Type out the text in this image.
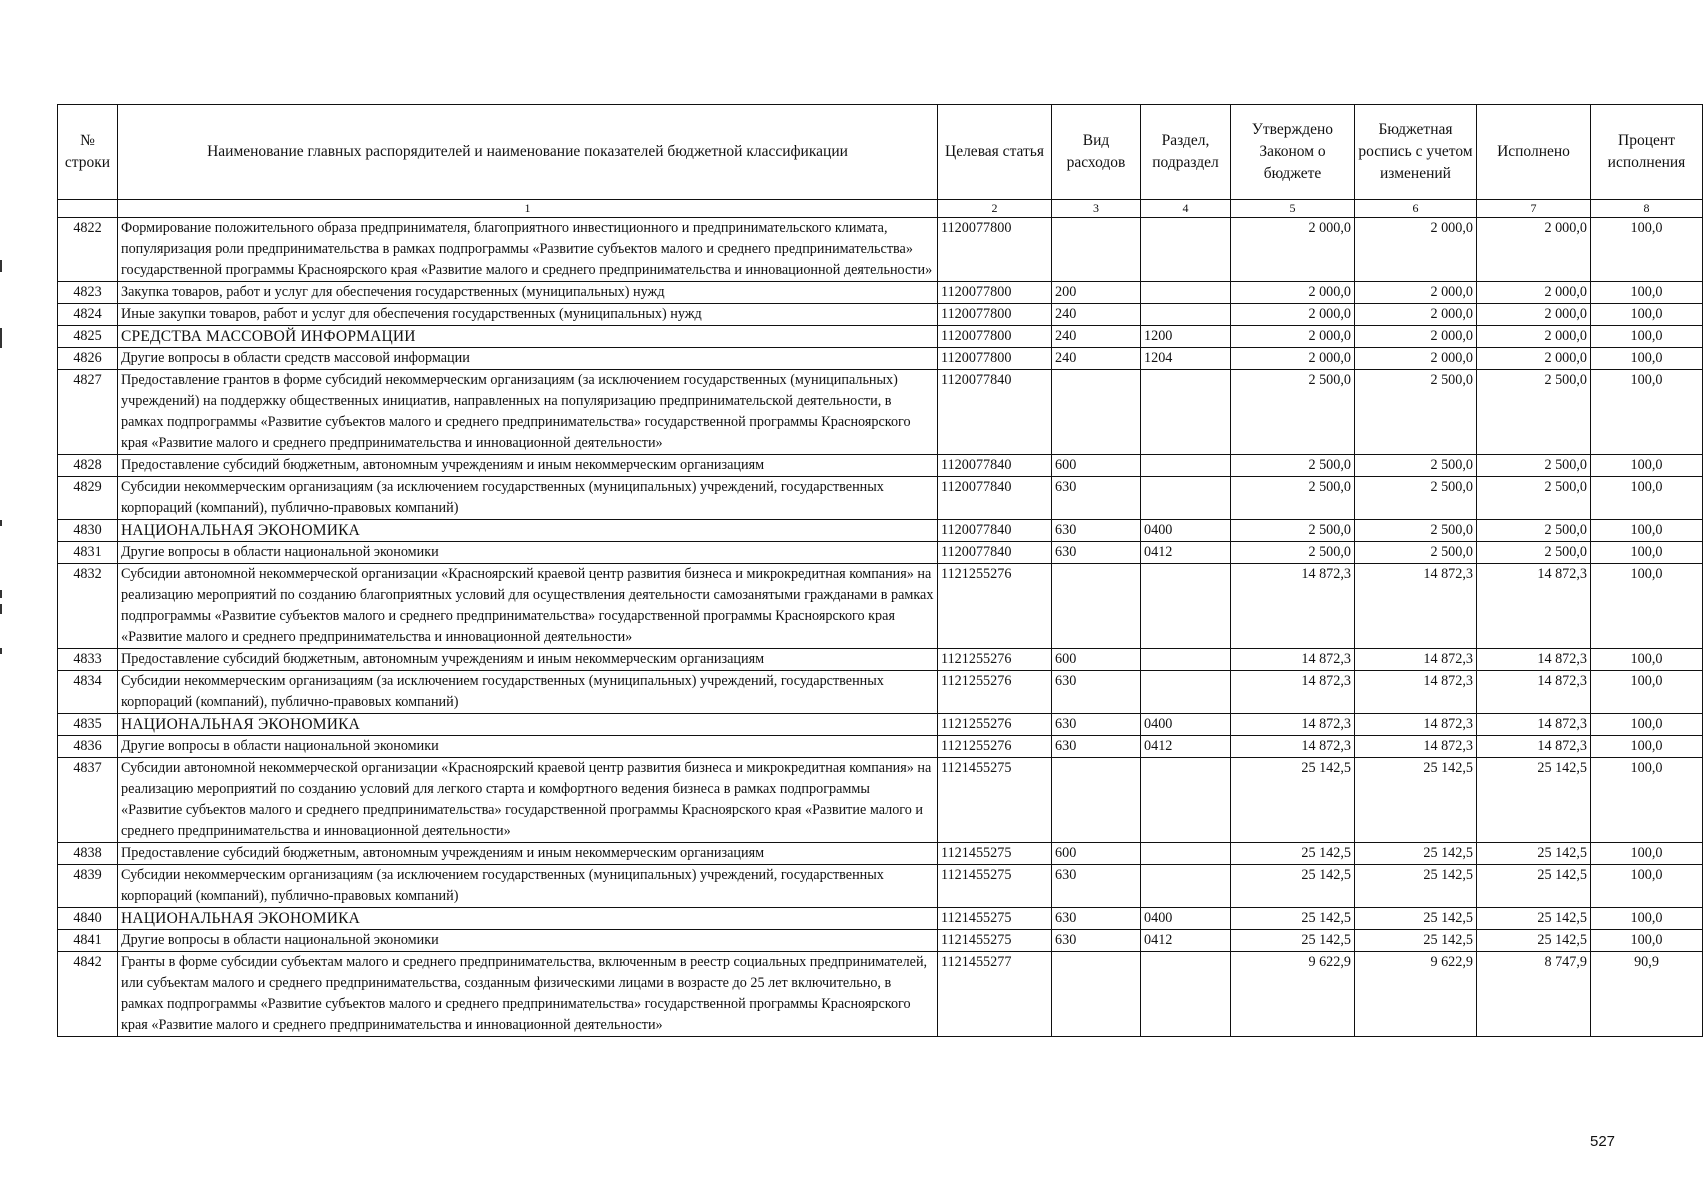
№ строки	Наименование главных распорядителей и наименование показателей бюджетной классификации	Целевая статья	Вид расходов	Раздел, подраздел	Утверждено Законом о бюджете	Бюджетная роспись с учетом изменений	Исполнено	Процент исполнения
	1	2	3	4	5	6	7	8
4822	Формирование положительного образа предпринимателя, благоприятного инвестиционного и предпринимательского климата, популяризация роли предпринимательства в рамках подпрограммы «Развитие субъектов малого и среднего предпринимательства» государственной программы Красноярского края «Развитие малого и среднего предпринимательства и инновационной деятельности»	1120077800			2 000,0	2 000,0	2 000,0	100,0
4823	Закупка товаров, работ и услуг для обеспечения государственных (муниципальных) нужд	1120077800	200		2 000,0	2 000,0	2 000,0	100,0
4824	Иные закупки товаров, работ и услуг для обеспечения государственных (муниципальных) нужд	1120077800	240		2 000,0	2 000,0	2 000,0	100,0
4825	СРЕДСТВА МАССОВОЙ ИНФОРМАЦИИ	1120077800	240	1200	2 000,0	2 000,0	2 000,0	100,0
4826	Другие вопросы в области средств массовой информации	1120077800	240	1204	2 000,0	2 000,0	2 000,0	100,0
4827	Предоставление грантов в форме субсидий некоммерческим организациям (за исключением государственных (муниципальных) учреждений) на поддержку общественных инициатив, направленных на популяризацию предпринимательской деятельности, в рамках подпрограммы «Развитие субъектов малого и среднего предпринимательства» государственной программы Красноярского края «Развитие малого и среднего предпринимательства и инновационной деятельности»	1120077840			2 500,0	2 500,0	2 500,0	100,0
4828	Предоставление субсидий бюджетным, автономным учреждениям и иным некоммерческим организациям	1120077840	600		2 500,0	2 500,0	2 500,0	100,0
4829	Субсидии некоммерческим организациям (за исключением государственных (муниципальных) учреждений, государственных корпораций (компаний), публично-правовых компаний)	1120077840	630		2 500,0	2 500,0	2 500,0	100,0
4830	НАЦИОНАЛЬНАЯ ЭКОНОМИКА	1120077840	630	0400	2 500,0	2 500,0	2 500,0	100,0
4831	Другие вопросы в области национальной экономики	1120077840	630	0412	2 500,0	2 500,0	2 500,0	100,0
4832	Субсидии автономной некоммерческой организации «Красноярский краевой центр развития бизнеса и микрокредитная компания» на реализацию мероприятий по созданию благоприятных условий для осуществления деятельности самозанятыми гражданами в рамках подпрограммы «Развитие субъектов малого и среднего предпринимательства» государственной программы Красноярского края «Развитие малого и среднего предпринимательства и инновационной деятельности»	1121255276			14 872,3	14 872,3	14 872,3	100,0
4833	Предоставление субсидий бюджетным, автономным учреждениям и иным некоммерческим организациям	1121255276	600		14 872,3	14 872,3	14 872,3	100,0
4834	Субсидии некоммерческим организациям (за исключением государственных (муниципальных) учреждений, государственных корпораций (компаний), публично-правовых компаний)	1121255276	630		14 872,3	14 872,3	14 872,3	100,0
4835	НАЦИОНАЛЬНАЯ ЭКОНОМИКА	1121255276	630	0400	14 872,3	14 872,3	14 872,3	100,0
4836	Другие вопросы в области национальной экономики	1121255276	630	0412	14 872,3	14 872,3	14 872,3	100,0
4837	Субсидии автономной некоммерческой организации «Красноярский краевой центр развития бизнеса и микрокредитная компания» на реализацию мероприятий по созданию условий для легкого старта и комфортного ведения бизнеса в рамках подпрограммы «Развитие субъектов малого и среднего предпринимательства» государственной программы Красноярского края «Развитие малого и среднего предпринимательства и инновационной деятельности»	1121455275			25 142,5	25 142,5	25 142,5	100,0
4838	Предоставление субсидий бюджетным, автономным учреждениям и иным некоммерческим организациям	1121455275	600		25 142,5	25 142,5	25 142,5	100,0
4839	Субсидии некоммерческим организациям (за исключением государственных (муниципальных) учреждений, государственных корпораций (компаний), публично-правовых компаний)	1121455275	630		25 142,5	25 142,5	25 142,5	100,0
4840	НАЦИОНАЛЬНАЯ ЭКОНОМИКА	1121455275	630	0400	25 142,5	25 142,5	25 142,5	100,0
4841	Другие вопросы в области национальной экономики	1121455275	630	0412	25 142,5	25 142,5	25 142,5	100,0
4842	Гранты в форме субсидии субъектам малого и среднего предпринимательства, включенным в реестр социальных предпринимателей, или субъектам малого и среднего предпринимательства, созданным физическими лицами в возрасте до 25 лет включительно, в рамках подпрограммы «Развитие субъектов малого и среднего предпринимательства» государственной программы Красноярского края «Развитие малого и среднего предпринимательства и инновационной деятельности»	1121455277			9 622,9	9 622,9	8 747,9	90,9
527
